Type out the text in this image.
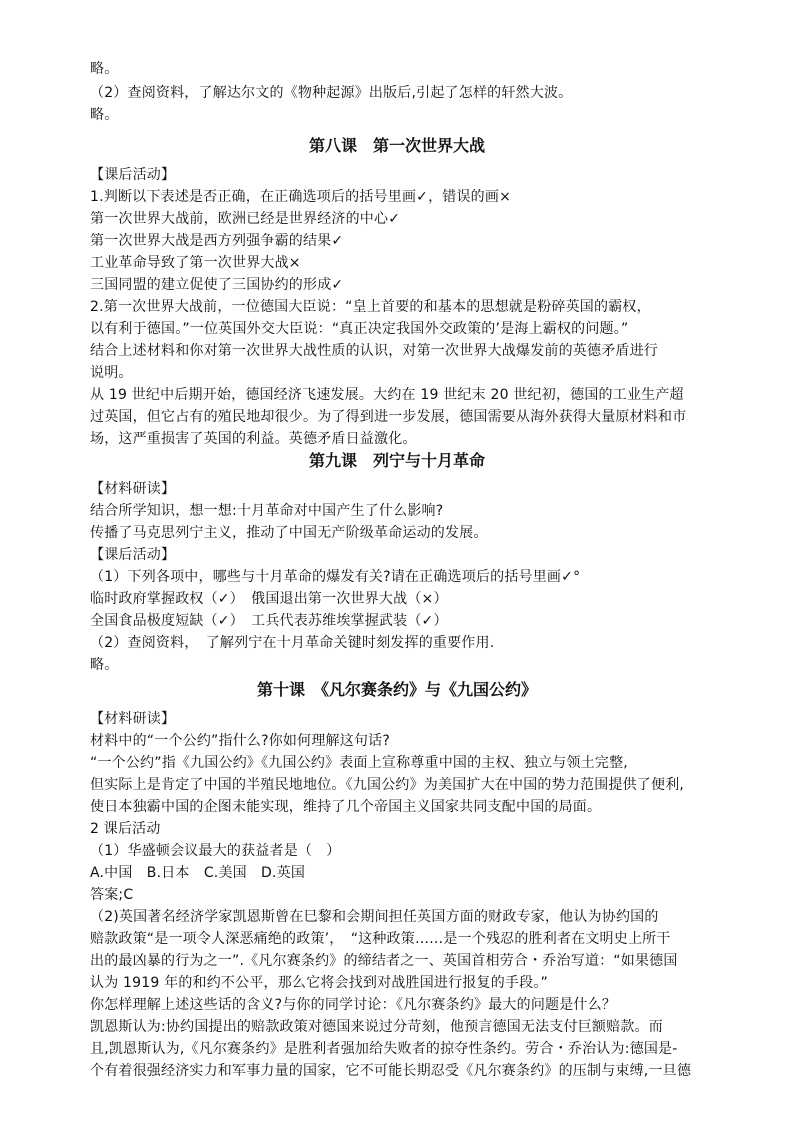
略。
（2）查阅资料，了解达尔文的《物种起源》出版后,引起了怎样的轩然大波。
略。
第八课　第一次世界大战
【课后活动】
1.判断以下表述是否正确，在正确选项后的括号里画✓，错误的画×
第一次世界大战前，欧洲已经是世界经济的中心✓
第一次世界大战是西方列强争霸的结果✓
工业革命导致了第一次世界大战×
三国同盟的建立促使了三国协约的形成✓
2.第一次世界大战前，一位德国大臣说：“皇上首要的和基本的思想就是粉碎英国的霸权，
以有利于德国。”一位英国外交大臣说：“真正决定我国外交政策的’是海上霸权的问题。”
结合上述材料和你对第一次世界大战性质的认识，对第一次世界大战爆发前的英德矛盾进行
说明。
从 19 世纪中后期开始，德国经济飞速发展。大约在 19 世纪末 20 世纪初，德国的工业生产超
过英国，但它占有的殖民地却很少。为了得到进一步发展，德国需要从海外获得大量原材料和市
场，这严重损害了英国的利益。英德矛盾日益激化。
第九课　列宁与十月革命
【材料研读】
结合所学知识，想一想:十月革命对中国产生了什么影响?
传播了马克思列宁主义，推动了中国无产阶级革命运动的发展。
【课后活动】
（1）下列各项中，哪些与十月革命的爆发有关?请在正确选项后的括号里画✓°
临时政府掌握政权（✓）　俄国退出第一次世界大战（×）
全国食品极度短缺（✓）　工兵代表苏维埃掌握武装（✓）
（2）查阅资料，　了解列宁在十月革命关键时刻发挥的重要作用.
略。
第十课　《凡尔赛条约》与《九国公约》
【材料研读】
材料中的“一个公约”指什么?你如何理解这句话?
“一个公约”指《九国公约》《九国公约》表面上宣称尊重中国的主权、独立与领土完整,
但实际上是肯定了中国的半殖民地地位。《九国公约》为美国扩大在中国的势力范围提供了便利,
使日本独霸中国的企图未能实现，维持了几个帝国主义国家共同支配中国的局面。
2 课后活动
（1）华盛顿会议最大的获益者是（　）
A.中国　B.日本　C.美国　D.英国
答案;C
（2)英国著名经济学家凯恩斯曾在巳黎和会期间担任英国方面的财政专家，他认为协约国的
赔款政策“是一项令人深恶痛绝的政策’，　“这种政策……是一个残忍的胜利者在文明史上所干
出的最凶暴的行为之一”.《凡尔赛条约》的缔结者之一、英国首相劳合・乔治写道：“如果德国
认为 1919 年的和约不公平，那么它将会找到对战胜国进行报复的手段。”
你怎样理解上述这些话的含义?与你的同学讨论：《凡尔赛条约》最大的问题是什么？
凯恩斯认为:协约国提出的赔款政策对德国来说过分苛刻，他预言德国无法支付巨额赔款。而
且,凯恩斯认为,《凡尔赛条约》是胜利者强加给失败者的掠夺性条约。劳合・乔治认为:德国是-
个有着很强经济实力和军事力量的国家，它不可能长期忍受《凡尔赛条约》的压制与束缚,一旦德
